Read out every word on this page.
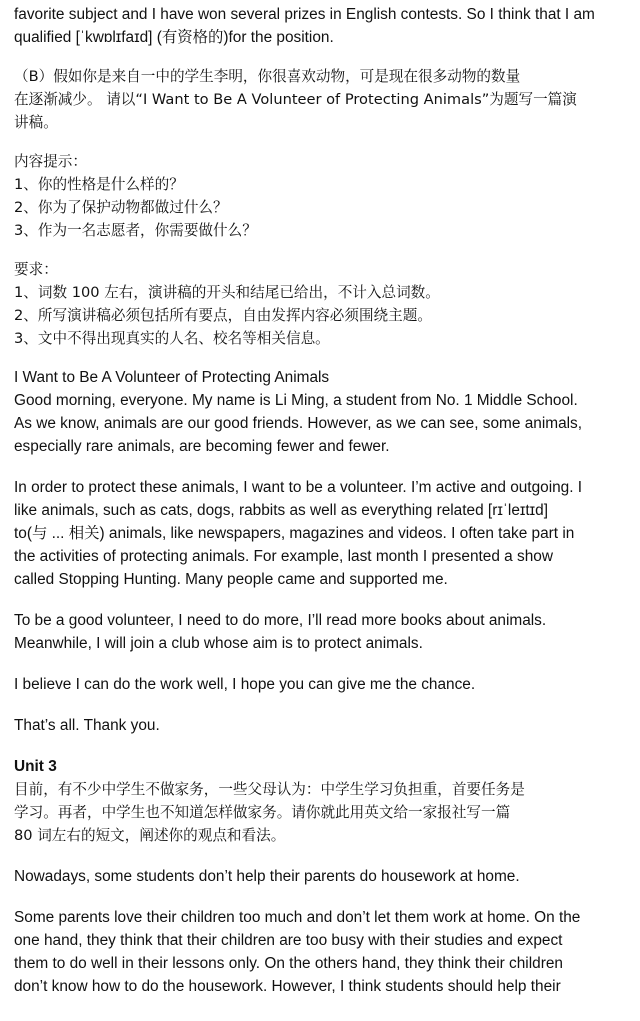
favorite subject and I have won several prizes in English contests. So I think that I am
qualified [ˈkwɒlɪfaɪd] (有资格的)for the position.
（B）假如你是来自一中的学生李明，你很喜欢动物，可是现在很多动物的数量
在逐渐减少。 请以“I Want to Be A Volunteer of Protecting Animals”为题写一篇演
讲稿。
内容提示：
1、你的性格是什么样的？
2、你为了保护动物都做过什么？
3、作为一名志愿者，你需要做什么？
要求：
1、词数 100 左右，演讲稿的开头和结尾已给出，不计入总词数。
2、所写演讲稿必须包括所有要点，自由发挥内容必须围绕主题。
3、文中不得出现真实的人名、校名等相关信息。
I Want to Be A Volunteer of Protecting Animals
Good morning, everyone. My name is Li Ming, a student from No. 1 Middle School.
As we know, animals are our good friends. However, as we can see, some animals,
especially rare animals, are becoming fewer and fewer.
In order to protect these animals, I want to be a volunteer. I’m active and outgoing. I
like animals, such as cats, dogs, rabbits as well as everything related [rɪˈleɪtɪd]
to(与 ... 相关) animals, like newspapers, magazines and videos. I often take part in
the activities of protecting animals. For example, last month I presented a show
called Stopping Hunting. Many people came and supported me.
To be a good volunteer, I need to do more, I’ll read more books about animals.
Meanwhile, I will join a club whose aim is to protect animals.
I believe I can do the work well, I hope you can give me the chance.
That’s all. Thank you.
Unit 3
目前，有不少中学生不做家务，一些父母认为：中学生学习负担重，首要任务是
学习。再者，中学生也不知道怎样做家务。请你就此用英文给一家报社写一篇
80 词左右的短文，阐述你的观点和看法。
Nowadays, some students don’t help their parents do housework at home.
Some parents love their children too much and don’t let them work at home. On the
one hand, they think that their children are too busy with their studies and expect
them to do well in their lessons only. On the others hand, they think their children
don’t know how to do the housework. However, I think students should help their
